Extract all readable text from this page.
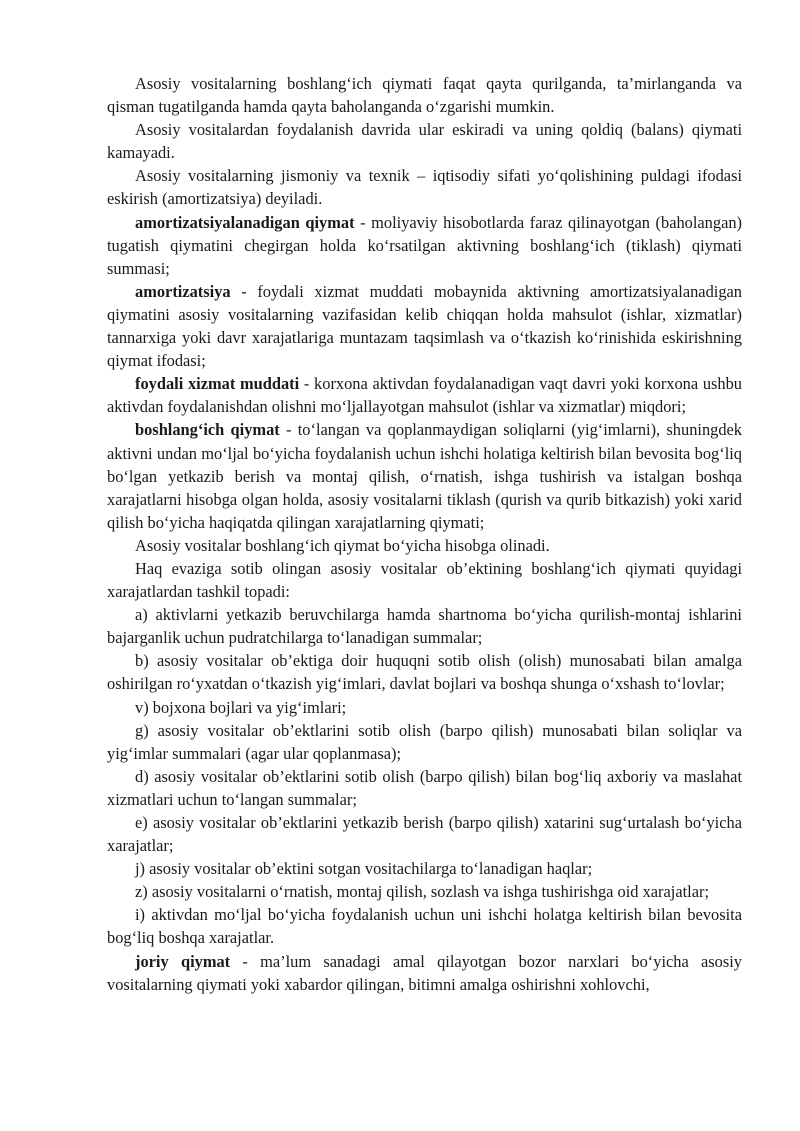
Asosiy vositalarning boshlang‘ich qiymati faqat qayta qurilganda, ta’mirlanganda va qisman tugatilganda hamda qayta baholanganda o‘zgarishi mumkin.

Asosiy vositalardan foydalanish davrida ular eskiradi va uning qoldiq (balans) qiymati kamayadi.

Asosiy vositalarning jismoniy va texnik – iqtisodiy sifati yo‘qolishining puldagi ifodasi eskirish (amortizatsiya) deyiladi.

amortizatsiyalanadigan qiymat - moliyaviy hisobotlarda faraz qilinayotgan (baholangan) tugatish qiymatini chegirgan holda ko‘rsatilgan aktivning boshlang‘ich (tiklash) qiymati summasi;

amortizatsiya - foydali xizmat muddati mobaynida aktivning amortizatsiyalanadigan qiymatini asosiy vositalarning vazifasidan kelib chiqqan holda mahsulot (ishlar, xizmatlar) tannarxiga yoki davr xarajatlariga muntazam taqsimlash va o‘tkazish ko‘rinishida eskirishning qiymat ifodasi;

foydali xizmat muddati - korxona aktivdan foydalanadigan vaqt davri yoki korxona ushbu aktivdan foydalanishdan olishni mo‘ljallayotgan mahsulot (ishlar va xizmatlar) miqdori;

boshlang‘ich qiymat - to‘langan va qoplanmaydigan soliqlarni (yig‘imlarni), shuningdek aktivni undan mo‘ljal bo‘yicha foydalanish uchun ishchi holatiga keltirish bilan bevosita bog‘liq bo‘lgan yetkazib berish va montaj qilish, o‘rnatish, ishga tushirish va istalgan boshqa xarajatlarni hisobga olgan holda, asosiy vositalarni tiklash (qurish va qurib bitkazish) yoki xarid qilish bo‘yicha haqiqatda qilingan xarajatlarning qiymati;

Asosiy vositalar boshlang‘ich qiymat bo‘yicha hisobga olinadi.

Haq evaziga sotib olingan asosiy vositalar ob’ektining boshlang‘ich qiymati quyidagi xarajatlardan tashkil topadi:

a) aktivlarni yetkazib beruvchilarga hamda shartnoma bo‘yicha qurilish-montaj ishlarini bajarganlik uchun pudratchilarga to‘lanadigan summalar;

b) asosiy vositalar ob’ektiga doir huquqni sotib olish (olish) munosabati bilan amalga oshirilgan ro‘yxatdan o‘tkazish yig‘imlari, davlat bojlari va boshqa shunga o‘xshash to‘lovlar;

v) bojxona bojlari va yig‘imlari;

g) asosiy vositalar ob’ektlarini sotib olish (barpo qilish) munosabati bilan soliqlar va yig‘imlar summalari (agar ular qoplanmasa);

d) asosiy vositalar ob’ektlarini sotib olish (barpo qilish) bilan bog‘liq axboriy va maslahat xizmatlari uchun to‘langan summalar;

e) asosiy vositalar ob’ektlarini yetkazib berish (barpo qilish) xatarini sug‘urtalash bo‘yicha xarajatlar;

j) asosiy vositalar ob’ektini sotgan vositachilarga to‘lanadigan haqlar;

z) asosiy vositalarni o‘rnatish, montaj qilish, sozlash va ishga tushirishga oid xarajatlar;

i) aktivdan mo‘ljal bo‘yicha foydalanish uchun uni ishchi holatga keltirish bilan bevosita bog‘liq boshqa xarajatlar.

joriy qiymat - ma’lum sanadagi amal qilayotgan bozor narxlari bo‘yicha asosiy vositalarning qiymati yoki xabardor qilingan, bitimni amalga oshirishni xohlovchi,
